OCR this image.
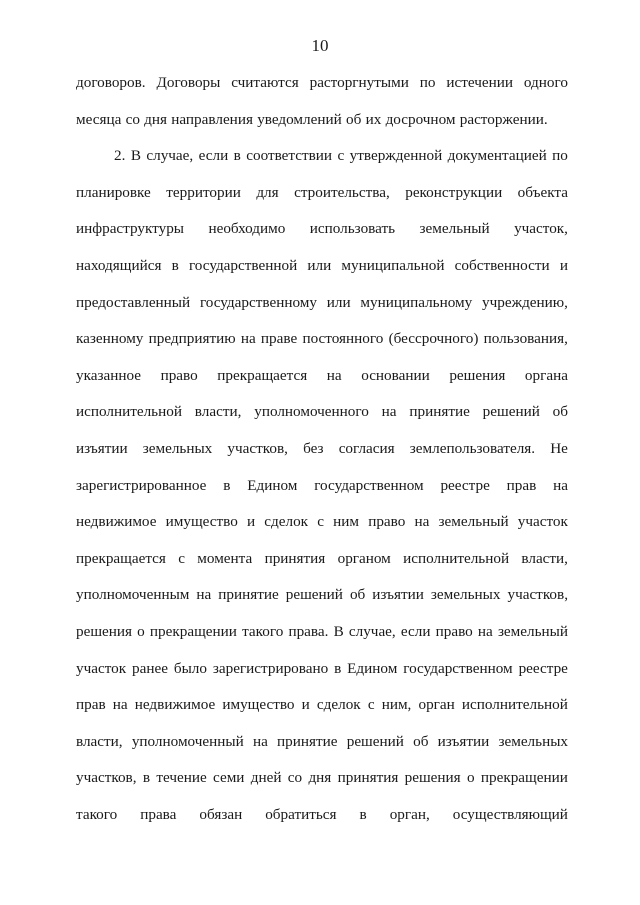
10
договоров. Договоры считаются расторгнутыми по истечении одного
месяца со дня направления уведомлений об их досрочном расторжении.
2. В случае, если в соответствии с утвержденной документацией по
планировке территории для строительства, реконструкции объекта
инфраструктуры необходимо использовать земельный участок,
находящийся в государственной или муниципальной собственности и
предоставленный государственному или муниципальному учреждению,
казенному предприятию на праве постоянного (бессрочного) пользования,
указанное право прекращается на основании решения органа
исполнительной власти, уполномоченного на принятие решений об
изъятии земельных участков, без согласия землепользователя. Не
зарегистрированное в Едином государственном реестре прав на
недвижимое имущество и сделок с ним право на земельный участок
прекращается с момента принятия органом исполнительной власти,
уполномоченным на принятие решений об изъятии земельных участков,
решения о прекращении такого права. В случае, если право на земельный
участок ранее было зарегистрировано в Едином государственном реестре
прав на недвижимое имущество и сделок с ним, орган исполнительной
власти, уполномоченный на принятие решений об изъятии земельных
участков, в течение семи дней со дня принятия решения о прекращении
такого права обязан обратиться в орган, осуществляющий
